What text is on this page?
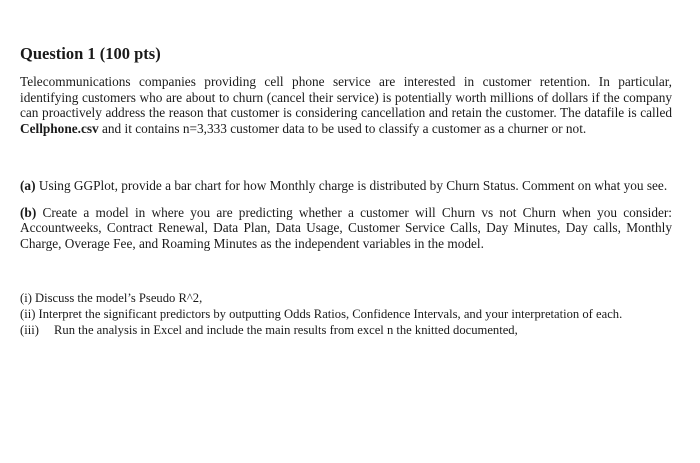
Question 1 (100 pts)

Telecommunications companies providing cell phone service are interested in customer retention. In particular, identifying customers who are about to churn (cancel their service) is potentially worth millions of dollars if the company can proactively address the reason that customer is considering cancellation and retain the customer. The datafile is called Cellphone.csv and it contains n=3,333 customer data to be used to classify a customer as a churner or not.

(a) Using GGPlot, provide a bar chart for how Monthly charge is distributed by Churn Status. Comment on what you see.

(b) Create a model in where you are predicting whether a customer will Churn vs not Churn when you consider: Accountweeks, Contract Renewal, Data Plan, Data Usage, Customer Service Calls, Day Minutes, Day calls, Monthly Charge, Overage Fee, and Roaming Minutes as the independent variables in the model.

(i) Discuss the model’s Pseudo R^2,

(ii) Interpret the significant predictors by outputting Odds Ratios, Confidence Intervals, and your interpretation of each.

(iii) Run the analysis in Excel and include the main results from excel n the knitted documented,
